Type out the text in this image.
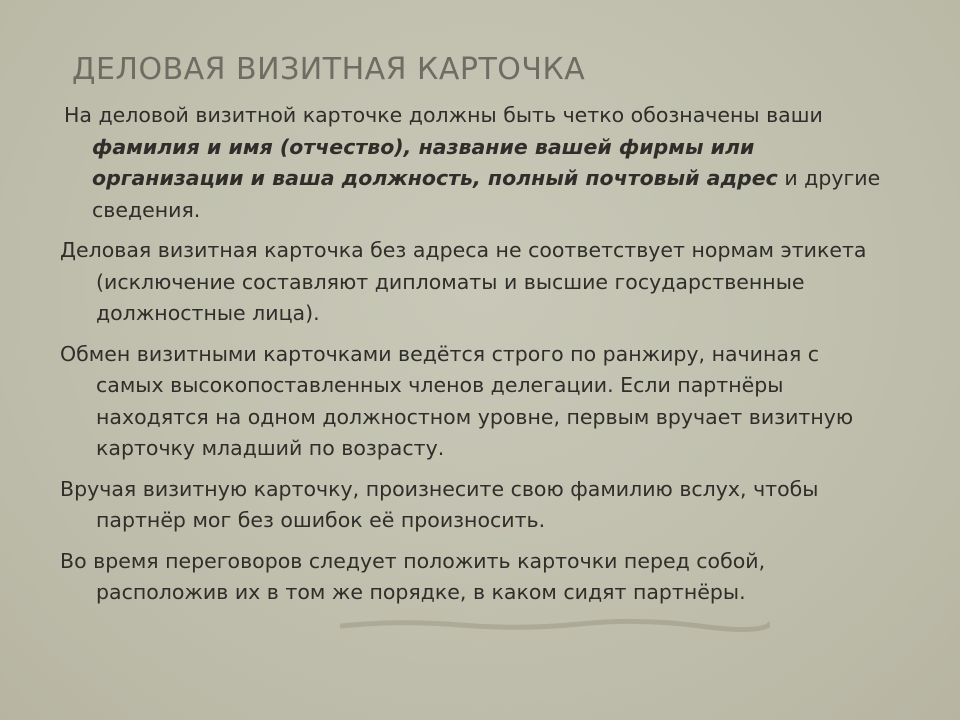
ДЕЛОВАЯ ВИЗИТНАЯ КАРТОЧКА

На деловой визитной карточке должны быть четко обозначены ваши фамилия и имя (отчество), название вашей фирмы или организации и ваша должность, полный почтовый адрес и другие сведения.

Деловая визитная карточка без адреса не соответствует нормам этикета (исключение составляют дипломаты и высшие государственные должностные лица).

Обмен визитными карточками ведётся строго по ранжиру, начиная с самых высокопоставленных членов делегации. Если партнёры находятся на одном должностном уровне, первым вручает визитную карточку младший по возрасту.

Вручая визитную карточку, произнесите свою фамилию вслух, чтобы партнёр мог без ошибок её произносить.

Во время переговоров следует положить карточки перед собой, расположив их в том же порядке, в каком сидят партнёры.
